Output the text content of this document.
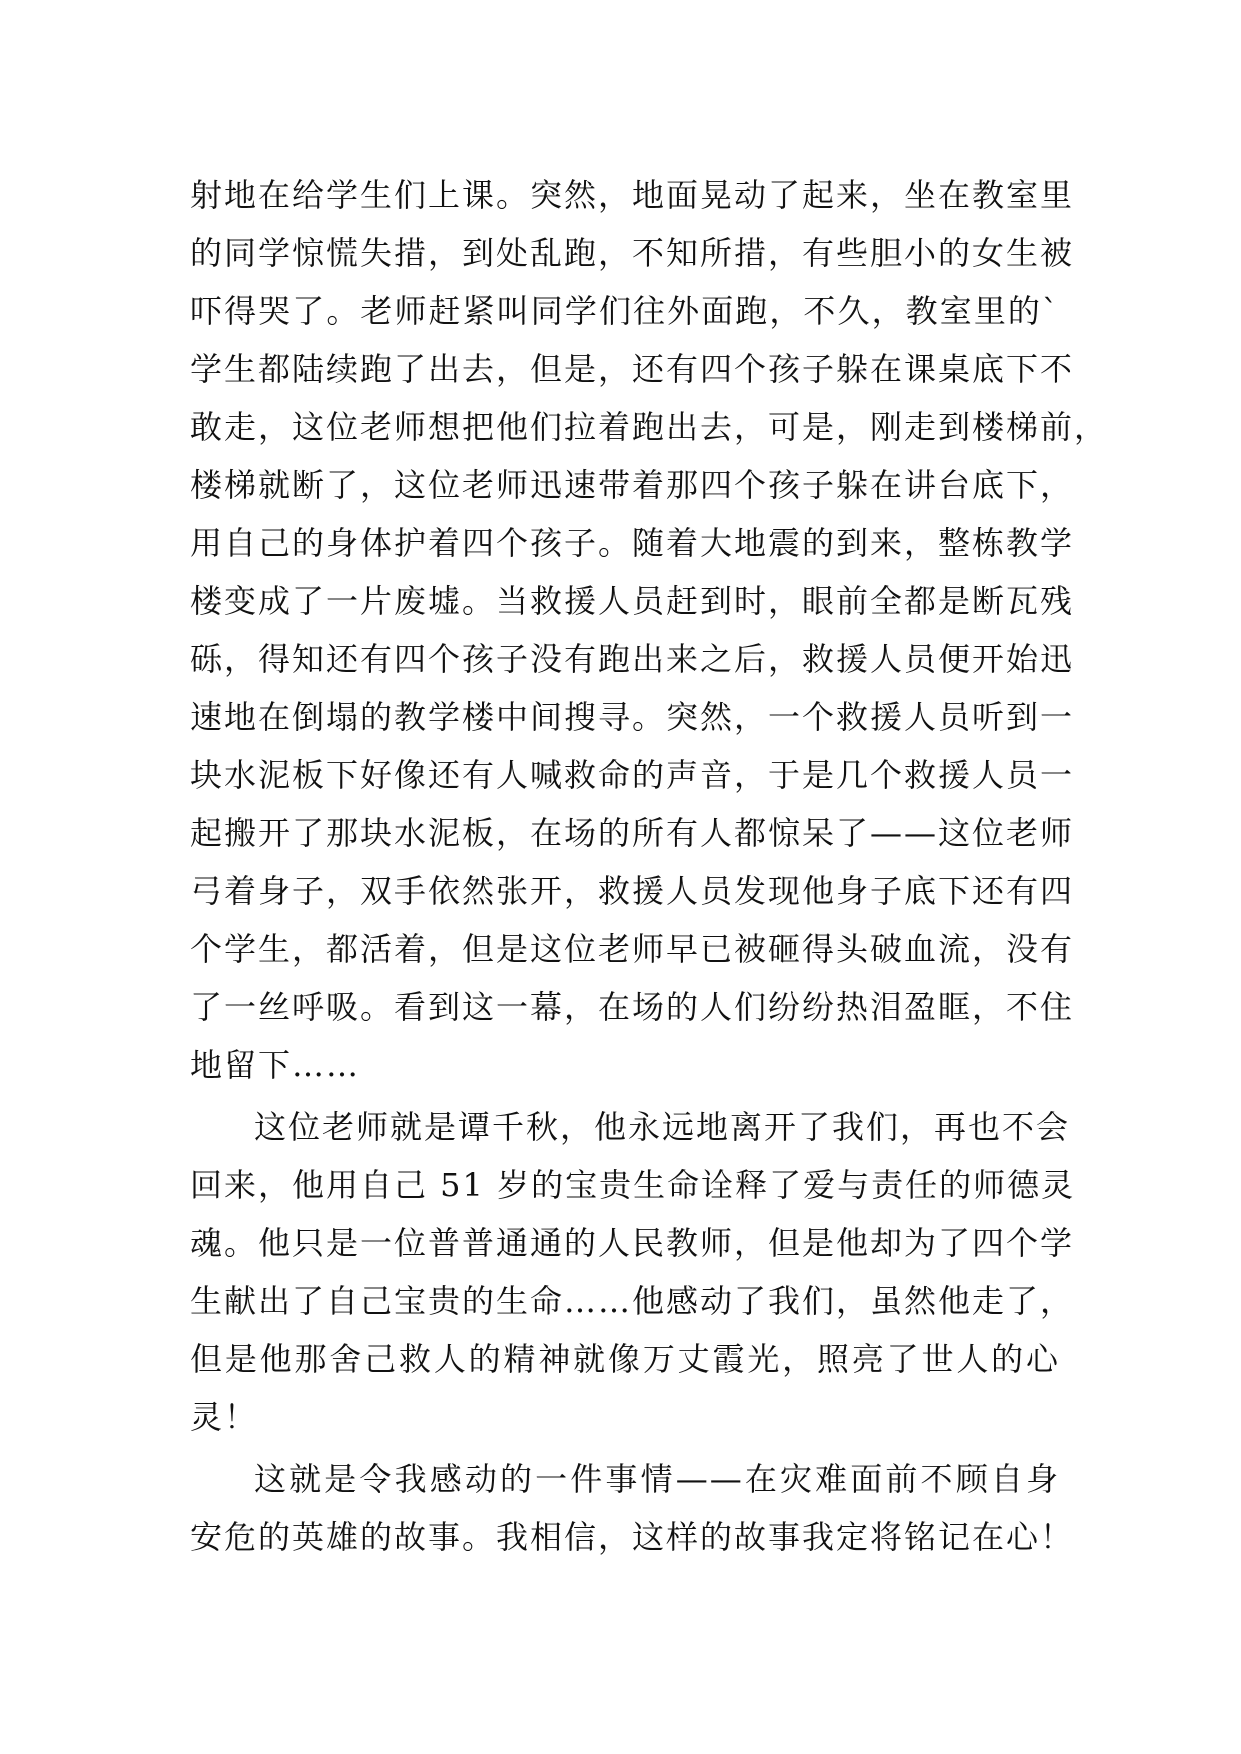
射地在给学生们上课。突然，地面晃动了起来，坐在教室里
的同学惊慌失措，到处乱跑，不知所措，有些胆小的女生被
吓得哭了。老师赶紧叫同学们往外面跑，不久，教室里的`
学生都陆续跑了出去，但是，还有四个孩子躲在课桌底下不
敢走，这位老师想把他们拉着跑出去，可是，刚走到楼梯前，
楼梯就断了，这位老师迅速带着那四个孩子躲在讲台底下，
用自己的身体护着四个孩子。随着大地震的到来，整栋教学
楼变成了一片废墟。当救援人员赶到时，眼前全都是断瓦残
砾，得知还有四个孩子没有跑出来之后，救援人员便开始迅
速地在倒塌的教学楼中间搜寻。突然，一个救援人员听到一
块水泥板下好像还有人喊救命的声音，于是几个救援人员一
起搬开了那块水泥板，在场的所有人都惊呆了——这位老师
弓着身子，双手依然张开，救援人员发现他身子底下还有四
个学生，都活着，但是这位老师早已被砸得头破血流，没有
了一丝呼吸。看到这一幕，在场的人们纷纷热泪盈眶，不住
地留下……
这位老师就是谭千秋，他永远地离开了我们，再也不会
回来，他用自己 51 岁的宝贵生命诠释了爱与责任的师德灵
魂。他只是一位普普通通的人民教师，但是他却为了四个学
生献出了自己宝贵的生命……他感动了我们，虽然他走了，
但是他那舍己救人的精神就像万丈霞光，照亮了世人的心
灵！
这就是令我感动的一件事情——在灾难面前不顾自身
安危的英雄的故事。我相信，这样的故事我定将铭记在心！
